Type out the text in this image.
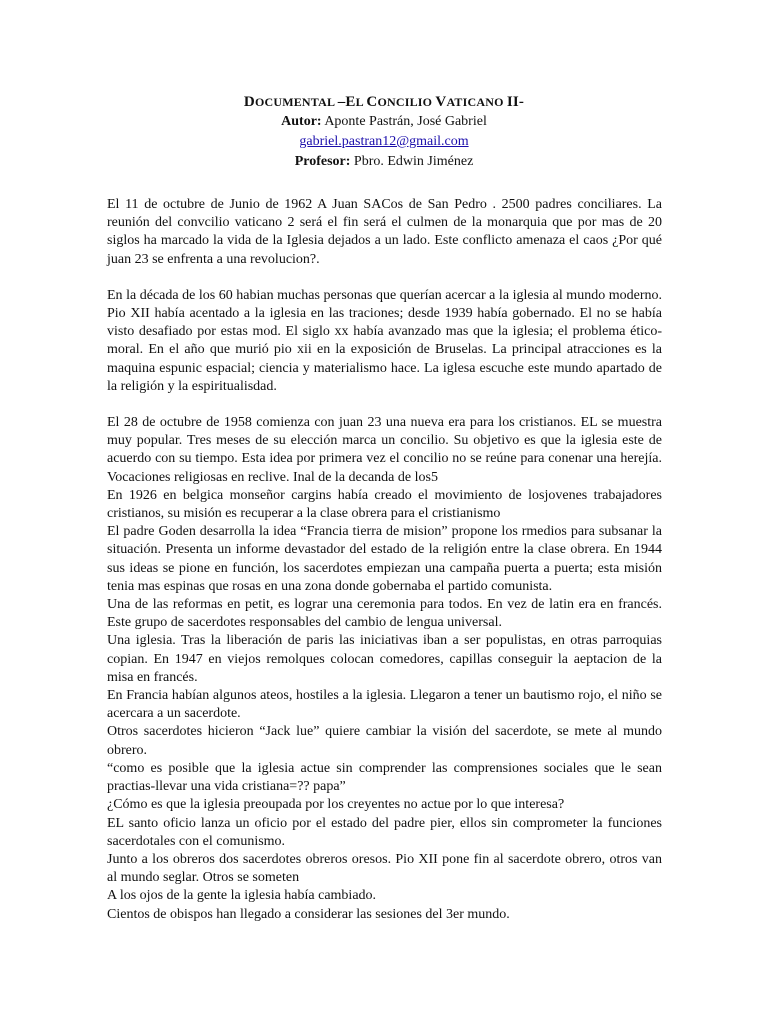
DOCUMENTAL –EL CONCILIO VATICANO II-
Autor: Aponte Pastrán, José Gabriel
gabriel.pastran12@gmail.com
Profesor: Pbro. Edwin Jiménez

El 11 de octubre de Junio de 1962 A Juan SACos de San Pedro . 2500 padres conciliares. La reunión del convcilio vaticano 2 será el fin será el culmen de la monarquia que por mas de 20 siglos ha marcado la vida de la Iglesia dejados a un lado. Este conflicto amenaza el caos ¿Por qué juan 23 se enfrenta a una revolucion?.

En la década de los 60 habian muchas personas que querían acercar a la iglesia al mundo moderno. Pio XII había acentado a la iglesia en las traciones; desde 1939 había gobernado. El no se había visto desafiado por estas mod. El siglo xx había avanzado mas que la iglesia; el problema ético- moral. En el año que murió pio xii en la exposición de Bruselas. La principal atracciones es la maquina espunic espacial; ciencia y materialismo hace. La iglesa escuche este mundo apartado de la religión y la espiritualisdad.

El 28 de octubre de 1958 comienza con juan 23 una nueva era para los cristianos. EL se muestra muy popular. Tres meses de su elección marca un concilio. Su objetivo es que la iglesia este de acuerdo con su tiempo. Esta idea por primera vez el concilio no se reúne para conenar una herejía. Vocaciones religiosas en reclive. Inal de la decanda de los5

En 1926 en belgica monseñor cargins había creado el movimiento de losjovenes trabajadores cristianos, su misión es recuperar a la clase obrera para el cristianismo

El padre Goden desarrolla la idea “Francia tierra de mision” propone los rmedios para subsanar la situación. Presenta un informe devastador del estado de la religión entre la clase obrera. En 1944 sus ideas se pione en función, los sacerdotes empiezan una campaña puerta a puerta; esta misión tenia mas espinas que rosas en una zona donde gobernaba el partido comunista.

Una de las reformas en petit, es lograr una ceremonia para todos. En vez de latin era en francés. Este grupo de sacerdotes responsables del cambio de lengua universal.

Una iglesia. Tras la liberación de paris las iniciativas iban a ser populistas, en otras parroquias copian. En 1947 en viejos remolques colocan comedores, capillas conseguir la aeptacion de la misa en francés.

En Francia habían algunos ateos, hostiles a la iglesia. Llegaron a tener un bautismo rojo, el niño se acercara a un sacerdote.

Otros sacerdotes hicieron “Jack lue” quiere cambiar la visión del sacerdote, se mete al mundo obrero.

“como es posible que la iglesia actue sin comprender las comprensiones sociales que le sean practias-llevar una vida cristiana=?? papa”

¿Cómo es que la iglesia preoupada por los creyentes no actue por lo que interesa?

EL santo oficio lanza un oficio por el estado del padre pier, ellos sin comprometer la funciones sacerdotales con el comunismo.

Junto a los obreros dos sacerdotes obreros oresos. Pio XII pone fin al sacerdote obrero, otros van al mundo seglar. Otros se someten

A los ojos de la gente la iglesia había cambiado.

Cientos de obispos han llegado a considerar las sesiones del 3er mundo.
